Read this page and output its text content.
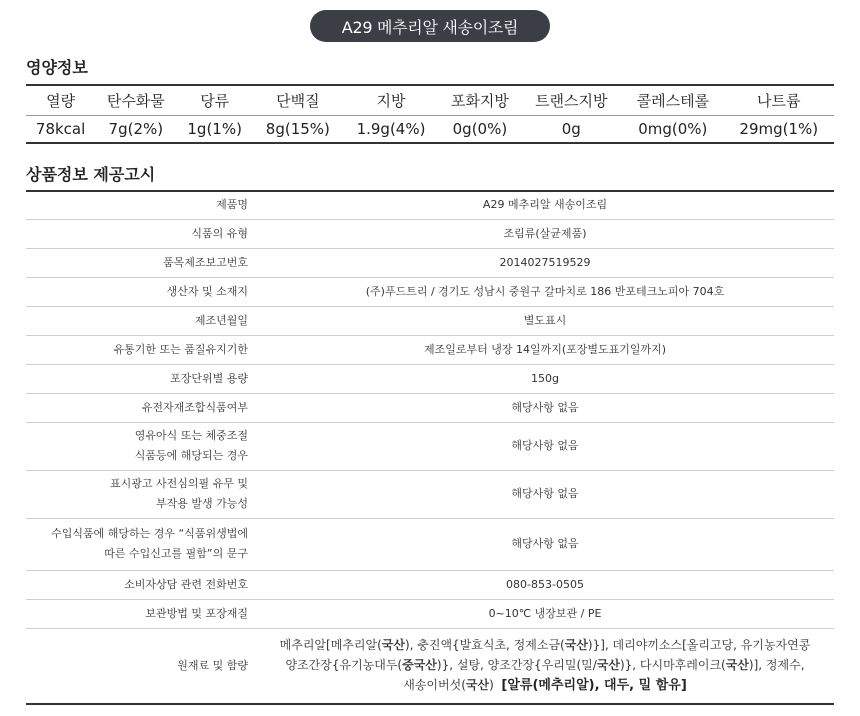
A29 메추리알 새송이조림
영양정보
열량	탄수화물	당류	단백질	지방	포화지방	트랜스지방	콜레스테롤	나트륨
78kcal	7g(2%)	1g(1%)	8g(15%)	1.9g(4%)	0g(0%)	0g	0mg(0%)	29mg(1%)
상품정보 제공고시
제품명	A29 메추리알 새송이조림
식품의 유형	조림류(살균제품)
품목제조보고번호	2014027519529
생산자 및 소재지	(주)푸드트리 / 경기도 성남시 중원구 갈마치로 186 반포테크노피아 704호
제조년월일	별도표시
유통기한 또는 품질유지기한	제조일로부터 냉장 14일까지(포장별도표기일까지)
포장단위별 용량	150g
유전자재조합식품여부	해당사항 없음

영유아식 또는 체중조절
식품등에 해당되는 경우	해당사항 없음

표시광고 사전심의필 유무 및
부작용 발생 가능성	해당사항 없음

수입식품에 해당하는 경우 “식품위생법에
따른 수입신고를 필함”의 문구	해당사항 없음
소비자상담 관련 전화번호	080-853-0505
보관방법 및 포장재질	0~10℃ 냉장보관 / PE
원재료 및 함량	메추리알[메추리알(국산), 충진액{발효식초, 정제소금(국산)}], 데리야끼소스[올리고당, 유기농자연콩
양조간장{유기농대두(중국산)}, 설탕, 양조간장{우리밀(밀/국산)}, 다시마후레이크(국산)], 정제수,
새송이버섯(국산) [알류(메추리알), 대두, 밀 함유]
